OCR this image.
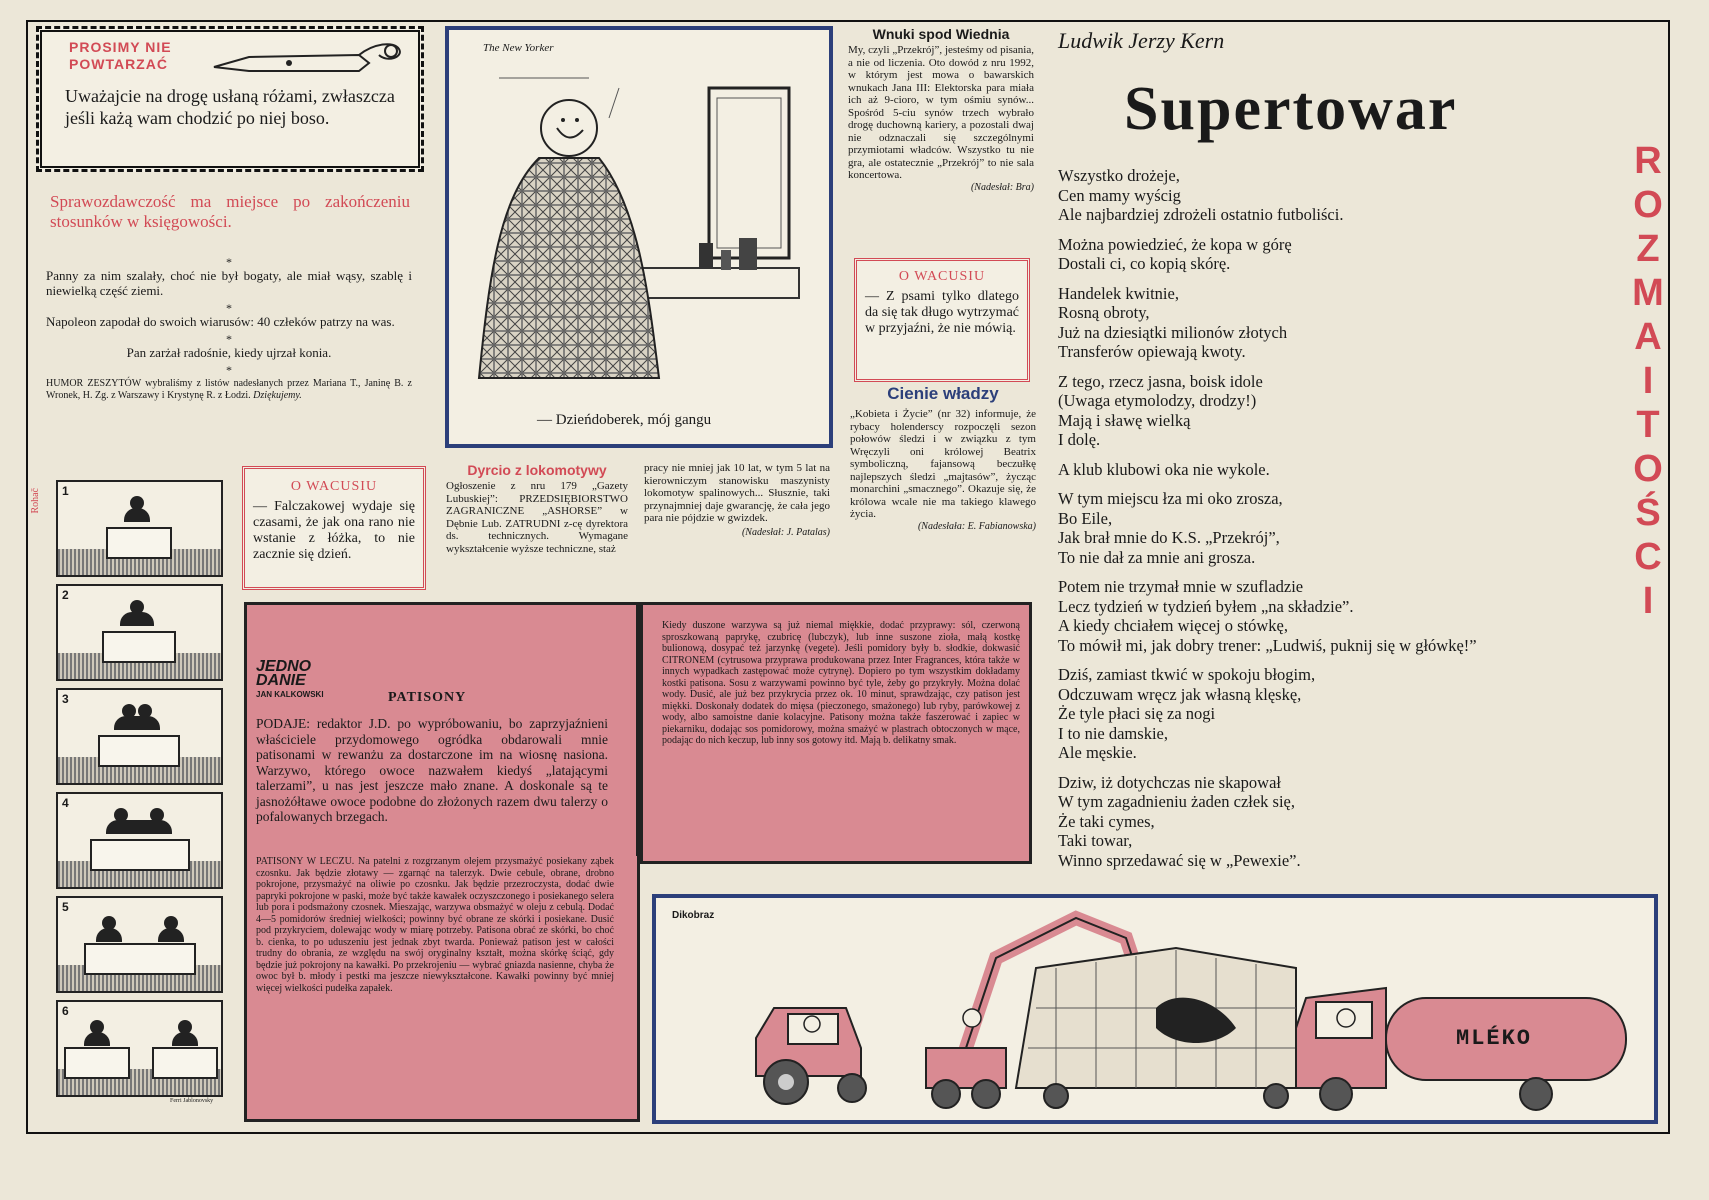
PROSIMY NIE
POWTARZAĆ
Uważajcie na drogę usłaną różami, zwłaszcza jeśli każą wam chodzić po niej boso.
Sprawozdawczość ma miejsce po zakończeniu stosunków w księgowości.
*
Panny za nim szalały, choć nie był bogaty, ale miał wąsy, szablę i niewielką część ziemi.
*
Napoleon zapodał do swoich wiarusów: 40 człeków patrzy na was.
*
Pan zarżał radośnie, kiedy ujrzał konia.
*
HUMOR ZESZYTÓW wybraliśmy z listów nadesłanych przez Mariana T., Janinę B. z Wronek, H. Zg. z Warszawy i Krystynę R. z Łodzi. Dziękujemy.
The New Yorker
— Dzieńdoberek, mój gangu
Wnuki spod Wiednia
My, czyli „Przekrój”, jesteśmy od pisania, a nie od liczenia. Oto dowód z nru 1992, w którym jest mowa o bawarskich wnukach Jana III: Elektorska para miała ich aż 9-cioro, w tym ośmiu synów... Spośród 5-ciu synów trzech wybrało drogę duchowną kariery, a pozostali dwaj nie odznaczali się szczególnymi przymiotami władców. Wszystko tu nie gra, ale ostatecznie „Przekrój” to nie sala koncertowa.
(Nadesłał: Bra)
O WACUSIU
— Z psami tylko dlatego da się tak długo wytrzymać w przyjaźni, że nie mówią.
Cienie władzy
„Kobieta i Życie” (nr 32) informuje, że rybacy holenderscy rozpoczęli sezon połowów śledzi i w związku z tym Wręczyli oni królowej Beatrix symboliczną, fajansową beczułkę najlepszych śledzi „majtasów”, życząc monarchini „smacznego”. Okazuje się, że królowa wcale nie ma takiego klawego życia.
(Nadesłała: E. Fabianowska)
Rohač 1
2
3
4
5
6
Ferri Jablonovsky
O WACUSIU
— Falczakowej wydaje się czasami, że jak ona rano nie wstanie z łóżka, to nie zacznie się dzień.
Dyrcio z lokomotywy
Ogłoszenie z nru 179 „Gazety Lubuskiej”: PRZEDSIĘBIORSTWO ZAGRANICZNE „ASHORSE” w Dębnie Lub. ZATRUDNI z-cę dyrektora ds. technicznych. Wymagane wykształcenie wyższe techniczne, staż
pracy nie mniej jak 10 lat, w tym 5 lat na kierowniczym stanowisku maszynisty lokomotyw spalinowych... Słusznie, taki przynajmniej daje gwarancję, że cała jego para nie pójdzie w gwizdek.
(Nadesłał: J. Patalas)
JEDNO
DANIE
JAN KALKOWSKI	PATISONY
PODAJE: redaktor J.D. po wypróbowaniu, bo zaprzyjaźnieni właściciele przydomowego ogródka obdarowali mnie patisonami w rewanżu za dostarczone im na wiosnę nasiona. Warzywo, którego owoce nazwałem kiedyś „latającymi talerzami”, u nas jest jeszcze mało znane. A doskonale są te jasnożółtawe owoce podobne do złożonych razem dwu talerzy o pofalowanych brzegach.
PATISONY W LECZU. Na patelni z rozgrzanym olejem przysmażyć posiekany ząbek czosnku. Jak będzie złotawy — zgarnąć na talerzyk. Dwie cebule, obrane, drobno pokrojone, przysmażyć na oliwie po czosnku. Jak będzie przezroczysta, dodać dwie papryki pokrojone w paski, może być także kawałek oczyszczonego i posiekanego selera lub pora i podsmażony czosnek. Mieszając, warzywa obsmażyć w oleju z cebulą. Dodać 4—5 pomidorów średniej wielkości; powinny być obrane ze skórki i posiekane. Dusić pod przykryciem, dolewając wody w miarę potrzeby. Patisona obrać ze skórki, bo choć b. cienka, to po uduszeniu jest jednak zbyt twarda. Ponieważ patison jest w całości trudny do obrania, ze względu na swój oryginalny kształt, można skórkę ściąć, gdy będzie już pokrojony na kawałki. Po przekrojeniu — wybrać gniazda nasienne, chyba że owoc był b. młody i pestki ma jeszcze niewykształcone. Kawałki powinny być mniej więcej wielkości pudełka zapałek.
Kiedy duszone warzywa są już niemal miękkie, dodać przyprawy: sól, czerwoną sproszkowaną paprykę, czubricę (lubczyk), lub inne suszone zioła, małą kostkę bulionową, dosypać też jarzynkę (vegete). Jeśli pomidory były b. słodkie, dokwasić CITRONEM (cytrusowa przyprawa produkowana przez Inter Fragrances, która także w innych wypadkach zastępować może cytrynę). Dopiero po tym wszystkim dokładamy kostki patisona. Sosu z warzywami powinno być tyle, żeby go przykryły. Można dolać wody. Dusić, ale już bez przykrycia przez ok. 10 minut, sprawdzając, czy patison jest miękki. Doskonały dodatek do mięsa (pieczonego, smażonego) lub ryby, parówkowej z wody, albo samoistne danie kolacyjne. Patisony można także faszerować i zapiec w piekarniku, dodając sos pomidorowy, można smażyć w plastrach obtoczonych w mące, podając do nich keczup, lub inny sos gotowy itd. Mają b. delikatny smak.
Ludwik Jerzy Kern
Supertowar

Wszystko drożeje,
Cen mamy wyścig
Ale najbardziej zdrożeli ostatnio futboliści.

Można powiedzieć, że kopa w górę
Dostali ci, co kopią skórę.

Handelek kwitnie,
Rosną obroty,
Już na dziesiątki milionów złotych
Transferów opiewają kwoty.

Z tego, rzecz jasna, boisk idole
(Uwaga etymolodzy, drodzy!)
Mają i sławę wielką
I dolę.

A klub klubowi oka nie wykole.

W tym miejscu łza mi oko zrosza,
Bo Eile,
Jak brał mnie do K.S. „Przekrój”,
To nie dał za mnie ani grosza.

Potem nie trzymał mnie w szufladzie
Lecz tydzień w tydzień byłem „na składzie”.
A kiedy chciałem więcej o stówkę,
To mówił mi, jak dobry trener: „Ludwiś, puknij się w główkę!”

Dziś, zamiast tkwić w spokoju błogim,
Odczuwam wręcz jak własną klęskę,
Że tyle płaci się za nogi
I to nie damskie,
Ale męskie.

Dziw, iż dotychczas nie skapował
W tym zagadnieniu żaden człek się,
Że taki cymes,
Taki towar,
Winno sprzedawać się w „Pewexie”.

ROZMAITOŚCI
Dikobraz
MLÉKO
